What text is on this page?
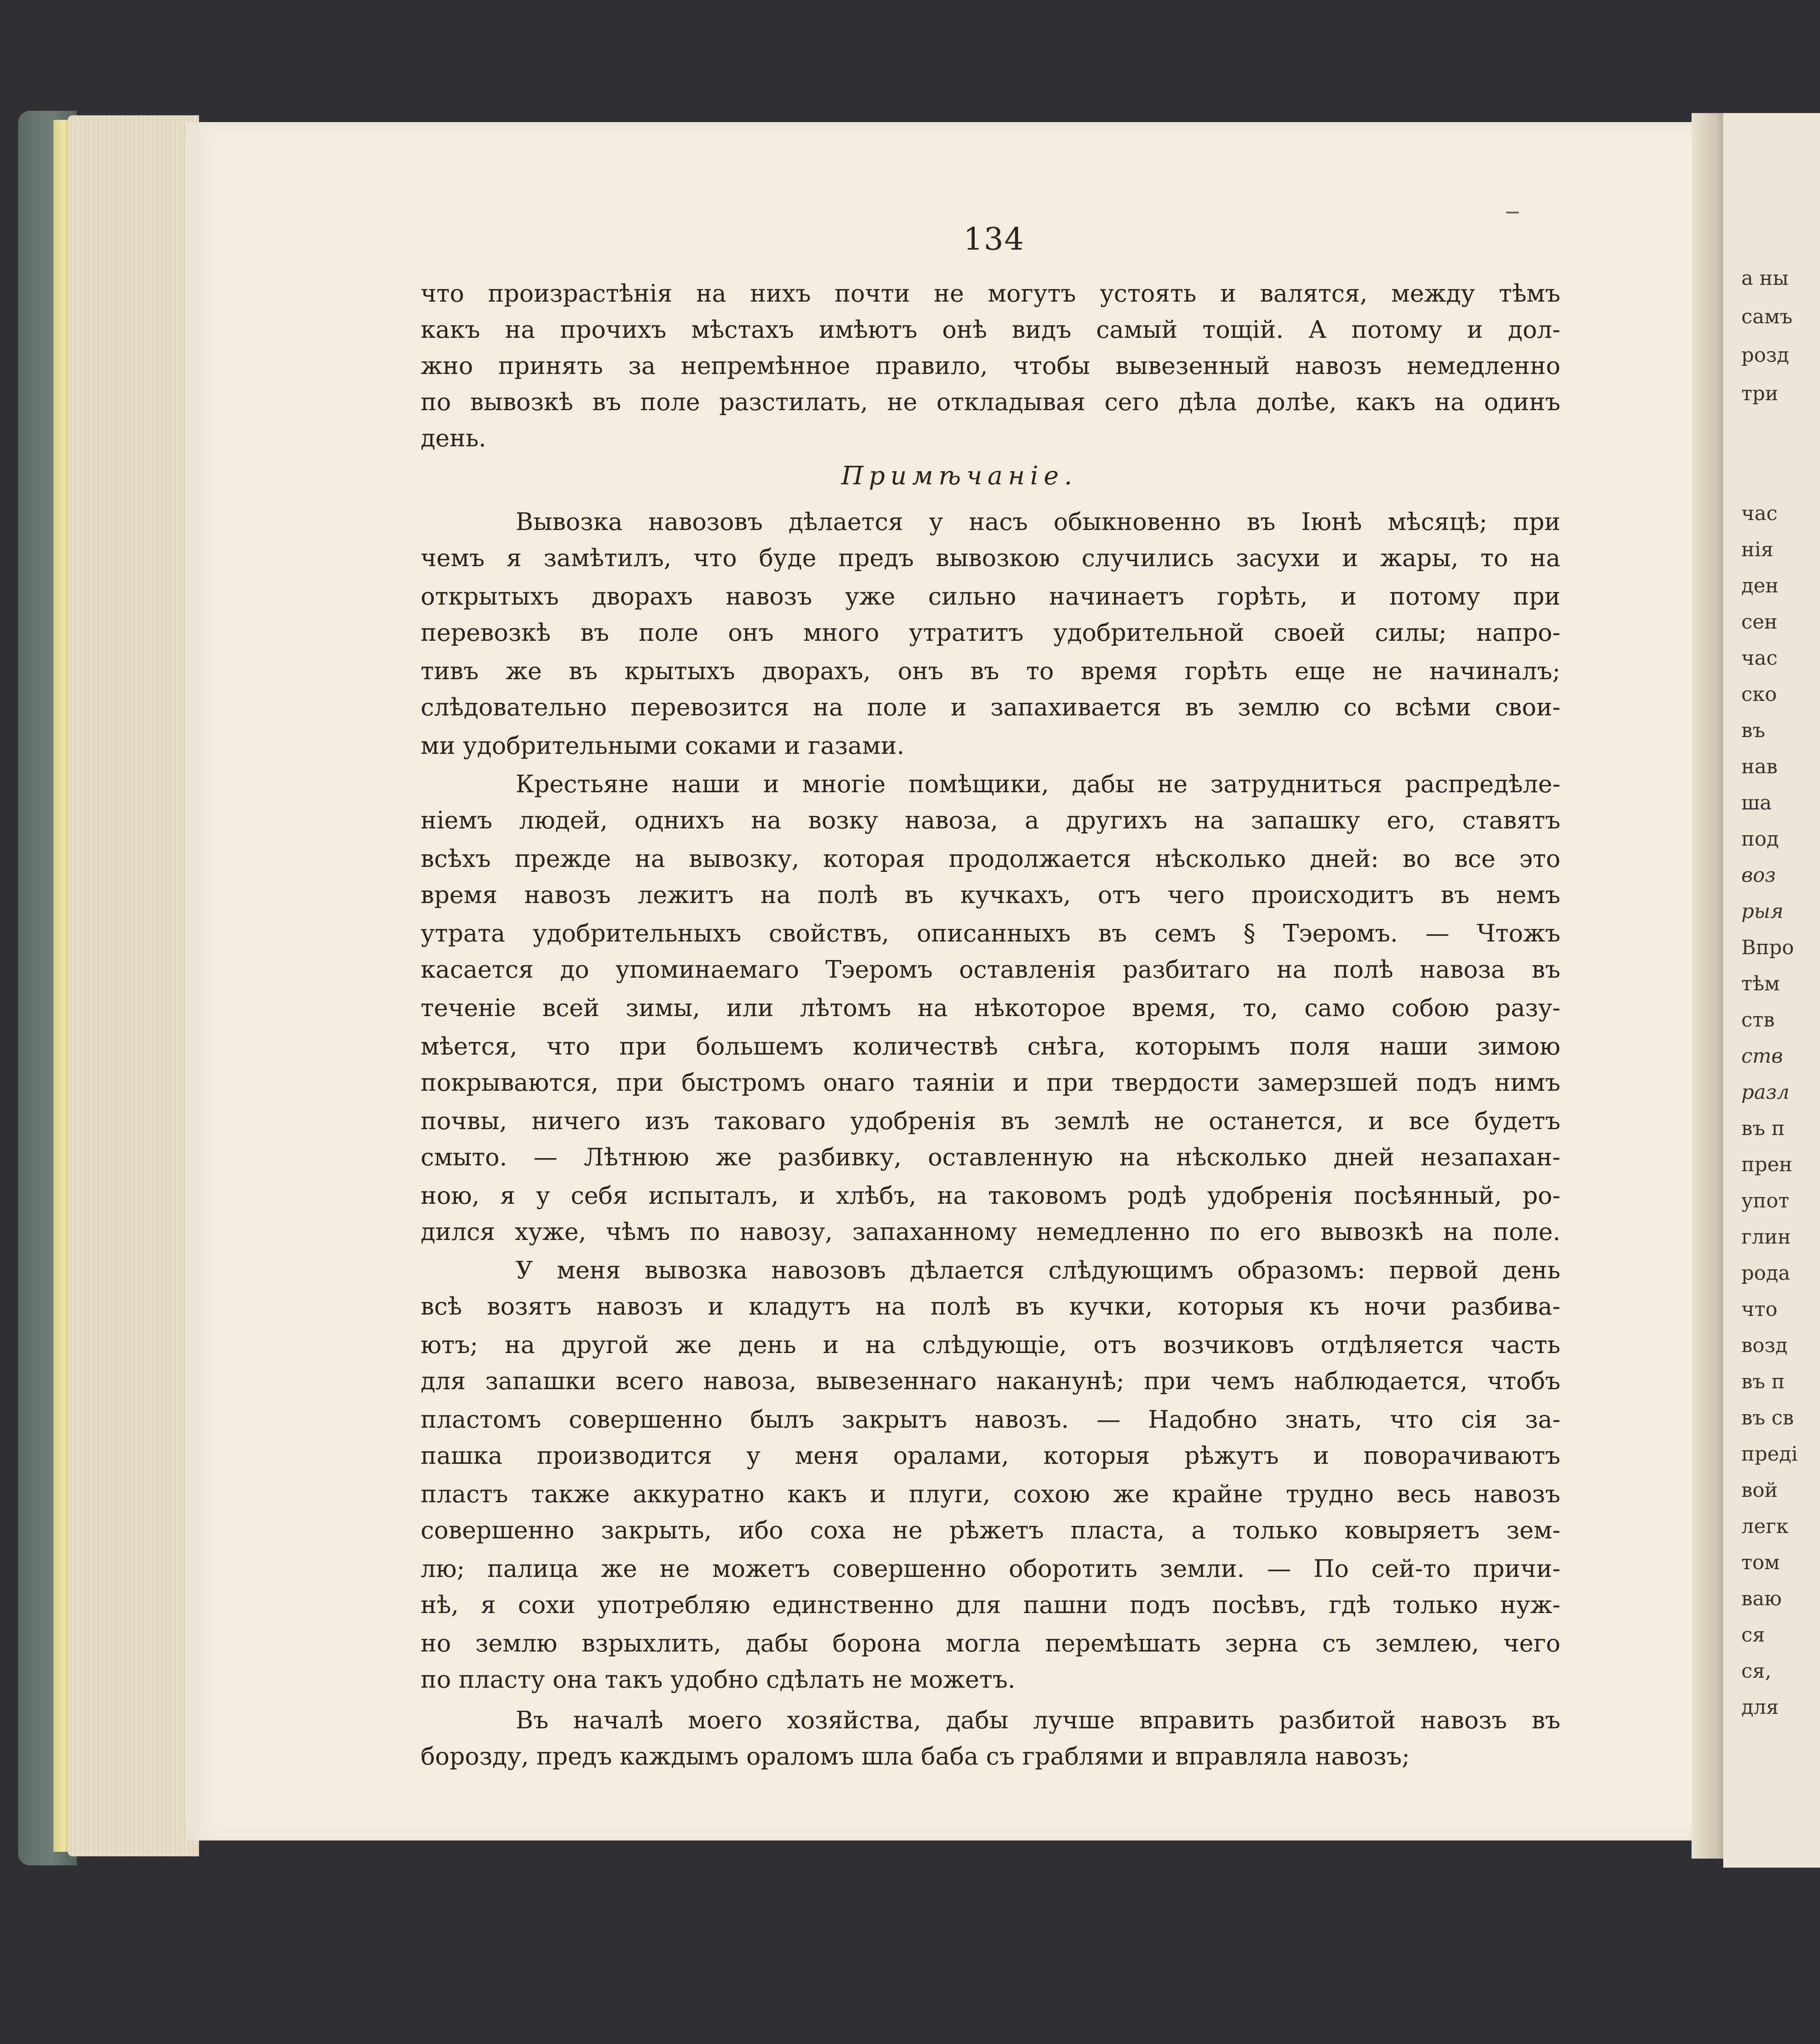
а ны
самъ
розд
три
час
нія
ден
сен
час
ско
въ
нав
ша
под
воз
рыя
Впро
тѣм
ств
ств
разл
въ п
прен
упот
глин
рода
что
возд
въ п
въ св
преді
вой
легк
том
ваю
ся
ся,
для
134
что произрастѣнія на нихъ почти не могутъ устоять и валятся, между тѣмъ
какъ на прочихъ мѣстахъ имѣютъ онѣ видъ самый тощій. А потому и дол-
жно принять за непремѣнное правило, чтобы вывезенный навозъ немедленно
по вывозкѣ въ поле разстилать, не откладывая сего дѣла долѣе, какъ на одинъ
день.
Примѣчаніе.
Вывозка навозовъ дѣлается у насъ обыкновенно въ Іюнѣ мѣсяцѣ; при
чемъ я замѣтилъ, что буде предъ вывозкою случились засухи и жары, то на
открытыхъ дворахъ навозъ уже сильно начинаетъ горѣть, и потому при
перевозкѣ въ поле онъ много утратитъ удобрительной своей силы; напро-
тивъ же въ крытыхъ дворахъ, онъ въ то время горѣть еще не начиналъ;
слѣдовательно перевозится на поле и запахивается въ землю со всѣми свои-
ми удобрительными соками и газами.
Крестьяне наши и многіе помѣщики, дабы не затрудниться распредѣле-
ніемъ людей, однихъ на возку навоза, а другихъ на запашку его, ставятъ
всѣхъ прежде на вывозку, которая продолжается нѣсколько дней: во все это
время навозъ лежитъ на полѣ въ кучкахъ, отъ чего происходитъ въ немъ
утрата удобрительныхъ свойствъ, описанныхъ въ семъ § Тэеромъ. — Чтожъ
касается до упоминаемаго Тэеромъ оставленія разбитаго на полѣ навоза въ
теченіе всей зимы, или лѣтомъ на нѣкоторое время, то, само собою разу-
мѣется, что при большемъ количествѣ снѣга, которымъ поля наши зимою
покрываются, при быстромъ онаго таяніи и при твердости замерзшей подъ нимъ
почвы, ничего изъ таковаго удобренія въ землѣ не останется, и все будетъ
смыто. — Лѣтнюю же разбивку, оставленную на нѣсколько дней незапахан-
ною, я у себя испыталъ, и хлѣбъ, на таковомъ родѣ удобренія посѣянный, ро-
дился хуже, чѣмъ по навозу, запаханному немедленно по его вывозкѣ на поле.
У меня вывозка навозовъ дѣлается слѣдующимъ образомъ: первой день
всѣ возятъ навозъ и кладутъ на полѣ въ кучки, которыя къ ночи разбива-
ютъ; на другой же день и на слѣдующіе, отъ возчиковъ отдѣляется часть
для запашки всего навоза, вывезеннаго наканунѣ; при чемъ наблюдается, чтобъ
пластомъ совершенно былъ закрытъ навозъ. — Надобно знать, что сія за-
пашка производится у меня оралами, которыя рѣжутъ и поворачиваютъ
пластъ также аккуратно какъ и плуги, сохою же крайне трудно весь навозъ
совершенно закрыть, ибо соха не рѣжетъ пласта, а только ковыряетъ зем-
лю; палица же не можетъ совершенно оборотить земли. — По сей-то причи-
нѣ, я сохи употребляю единственно для пашни подъ посѣвъ, гдѣ только нуж-
но землю взрыхлить, дабы борона могла перемѣшать зерна съ землею, чего
по пласту она такъ удобно сдѣлать не можетъ.
Въ началѣ моего хозяйства, дабы лучше вправить разбитой навозъ въ
борозду, предъ каждымъ ораломъ шла баба съ граблями и вправляла навозъ;
